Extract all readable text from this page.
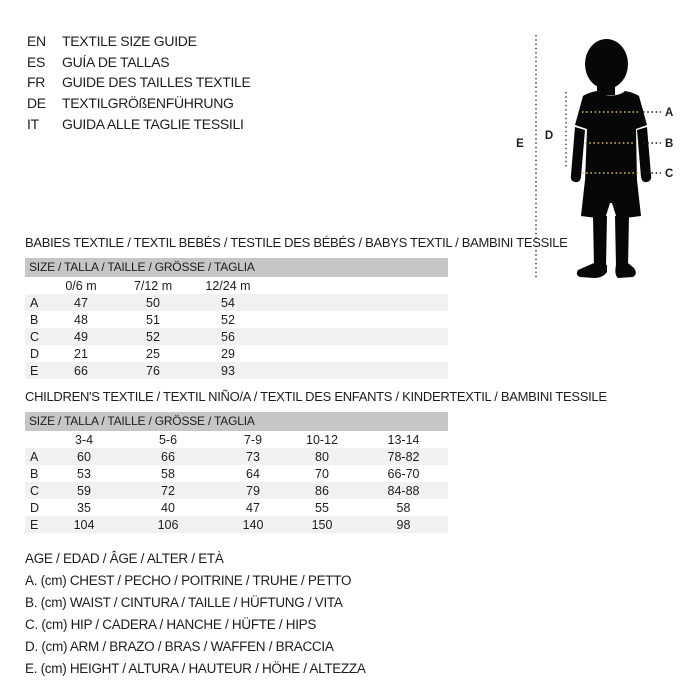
EN	TEXTILE SIZE GUIDE
ES	GUÍA DE TALLAS
FR	GUIDE DES TAILLES TEXTILE
DE	TEXTILGRÖßENFÜHRUNG
IT	GUIDA ALLE TAGLIE TESSILI
E
D
A
B
C
BABIES TEXTILE / TEXTIL BEBÉS / TESTILE DES BÉBÉS / BABYS TEXTIL / BAMBINI TESSILE
SIZE / TALLA / TAILLE / GRÖSSE / TAGLIA
	0/6 m	7/12 m	12/24 m	
A	47	50	54	
B	48	51	52	
C	49	52	56	
D	21	25	29	
E	66	76	93	
CHILDREN'S TEXTILE / TEXTIL NIÑO/A / TEXTIL DES ENFANTS / KINDERTEXTIL / BAMBINI TESSILE
SIZE / TALLA / TAILLE / GRÖSSE / TAGLIA
	3-4	5-6	7-9	10-12	13-14
A	60	66	73	80	78-82
B	53	58	64	70	66-70
C	59	72	79	86	84-88
D	35	40	47	55	58
E	104	106	140	150	98
AGE / EDAD / ÂGE / ALTER / ETÀ
A. (cm) CHEST / PECHO / POITRINE / TRUHE / PETTO
B. (cm) WAIST / CINTURA / TAILLE / HÜFTUNG / VITA
C. (cm) HIP / CADERA / HANCHE / HÜFTE / HIPS
D. (cm) ARM / BRAZO / BRAS / WAFFEN / BRACCIA
E. (cm) HEIGHT / ALTURA / HAUTEUR / HÖHE / ALTEZZA
